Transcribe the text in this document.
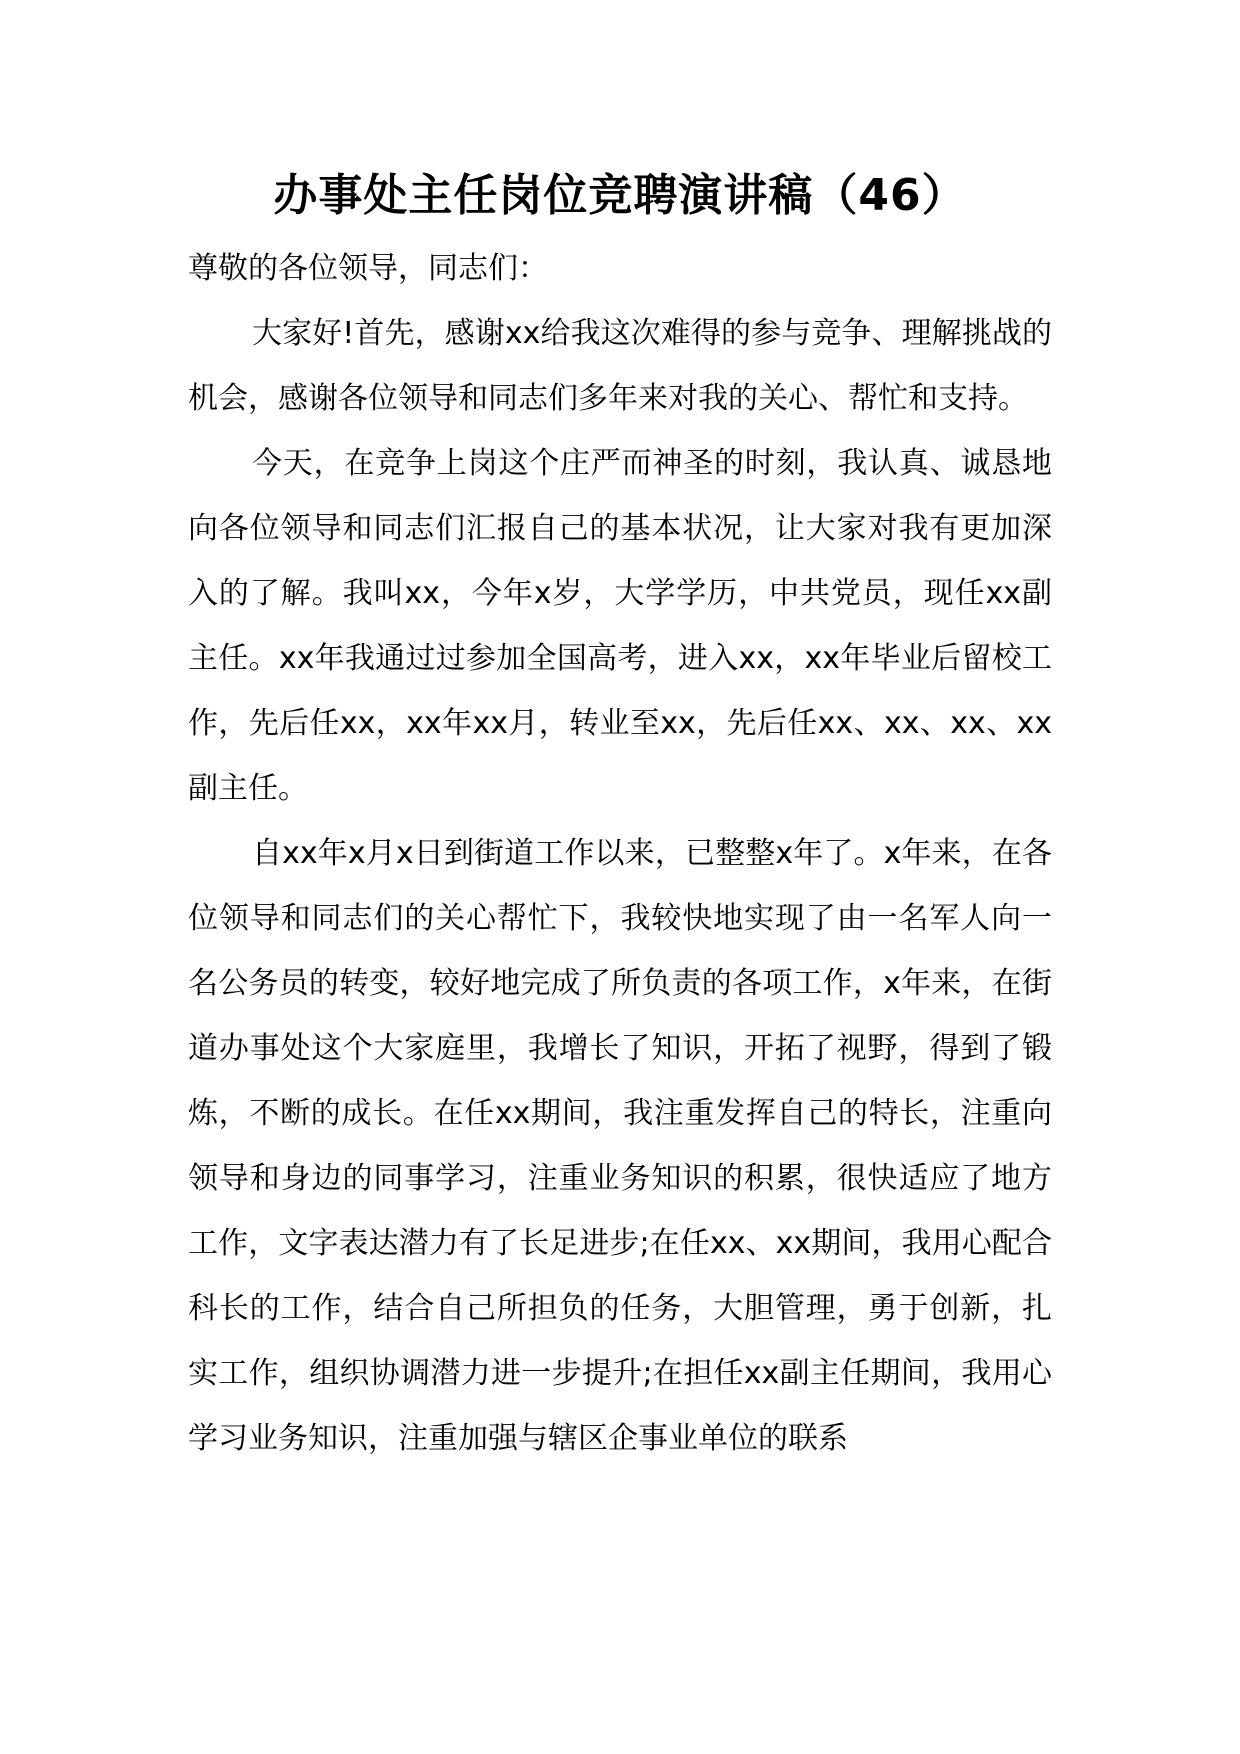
办事处主任岗位竞聘演讲稿（46）

尊敬的各位领导，同志们：

大家好!首先，感谢xx给我这次难得的参与竞争、理解挑战的机会，感谢各位领导和同志们多年来对我的关心、帮忙和支持。

今天，在竞争上岗这个庄严而神圣的时刻，我认真、诚恳地向各位领导和同志们汇报自己的基本状况，让大家对我有更加深入的了解。我叫xx，今年x岁，大学学历，中共党员，现任xx副主任。xx年我通过过参加全国高考，进入xx，xx年毕业后留校工作，先后任xx，xx年xx月，转业至xx，先后任xx、xx、xx、xx副主任。

自xx年x月x日到街道工作以来，已整整x年了。x年来，在各位领导和同志们的关心帮忙下，我较快地实现了由一名军人向一名公务员的转变，较好地完成了所负责的各项工作，x年来，在街道办事处这个大家庭里，我增长了知识，开拓了视野，得到了锻炼，不断的成长。在任xx期间，我注重发挥自己的特长，注重向领导和身边的同事学习，注重业务知识的积累，很快适应了地方工作，文字表达潜力有了长足进步;在任xx、xx期间，我用心配合科长的工作，结合自己所担负的任务，大胆管理，勇于创新，扎实工作，组织协调潜力进一步提升;在担任xx副主任期间，我用心学习业务知识，注重加强与辖区企事业单位的联系
